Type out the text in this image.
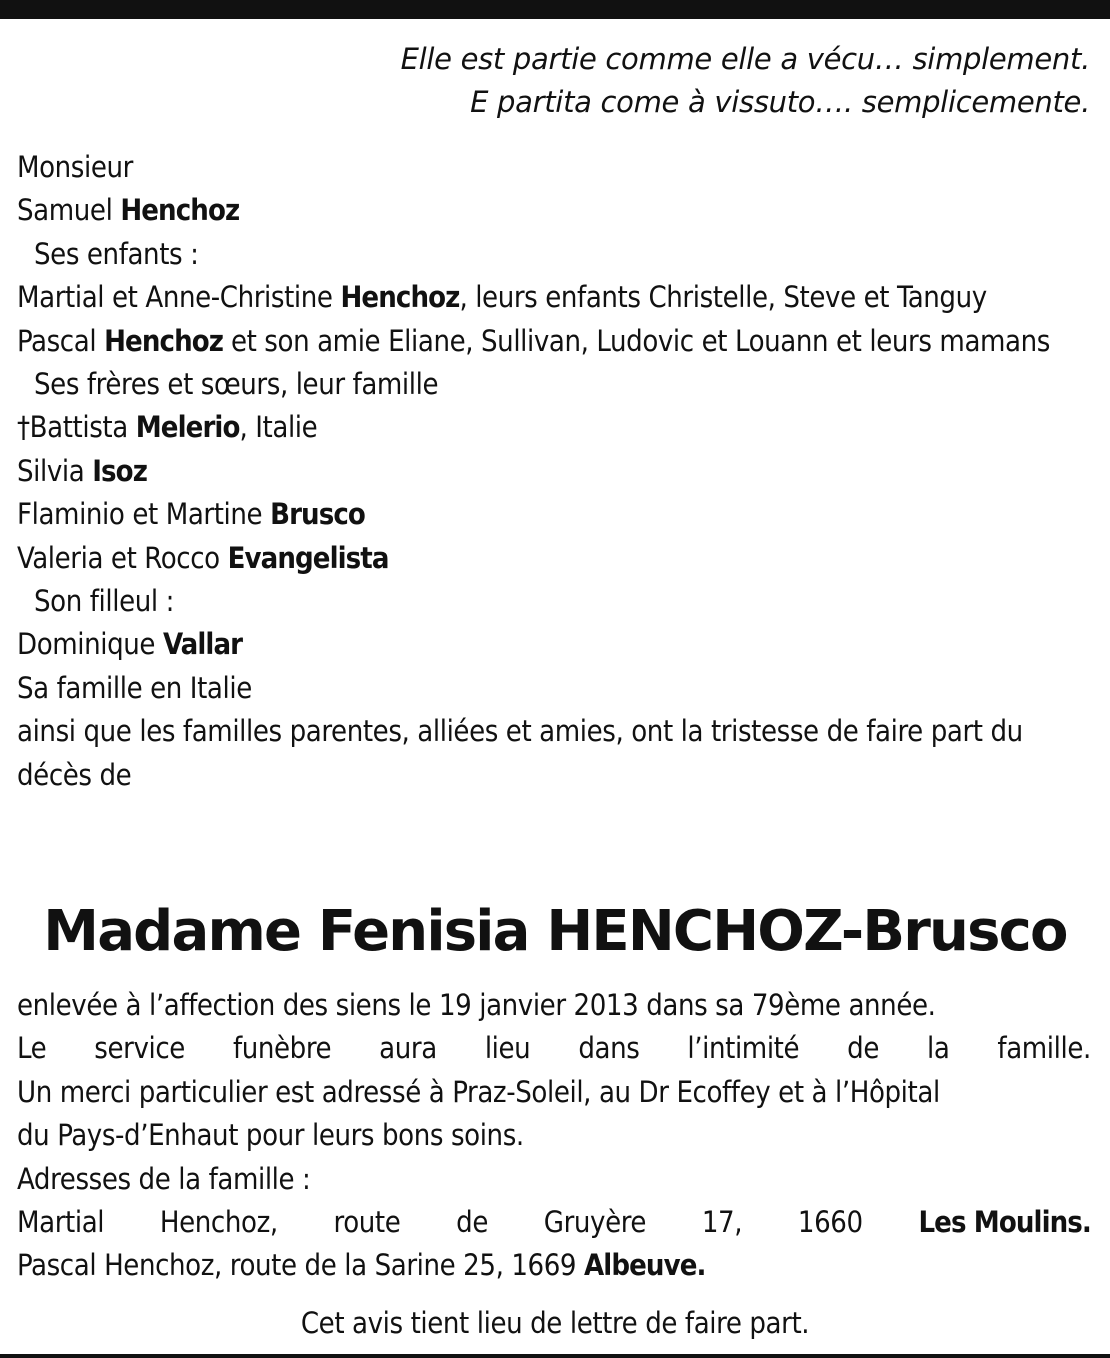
Elle est partie comme elle a vécu… simplement.
E partita come à vissuto…. semplicemente.
Monsieur
Samuel Henchoz
Ses enfants :
Martial et Anne-Christine Henchoz, leurs enfants Christelle, Steve et Tanguy
Pascal Henchoz et son amie Eliane, Sullivan, Ludovic et Louann et leurs mamans
Ses frères et sœurs, leur famille
†Battista Melerio, Italie
Silvia Isoz
Flaminio et Martine Brusco
Valeria et Rocco Evangelista
Son filleul :
Dominique Vallar
Sa famille en Italie
ainsi que les familles parentes, alliées et amies, ont la tristesse de faire part du décès de
Madame Fenisia HENCHOZ-Brusco
enlevée à l’affection des siens le 19 janvier 2013 dans sa 79ème année.
Le service funèbre aura lieu dans l’intimité de la famille.
Un merci particulier est adressé à Praz-Soleil, au Dr Ecoffey et à l’Hôpital
du Pays-d’Enhaut pour leurs bons soins.
Adresses de la famille :
Martial Henchoz, route de Gruyère 17, 1660 Les Moulins.
Pascal Henchoz, route de la Sarine 25, 1669 Albeuve.
Cet avis tient lieu de lettre de faire part.
